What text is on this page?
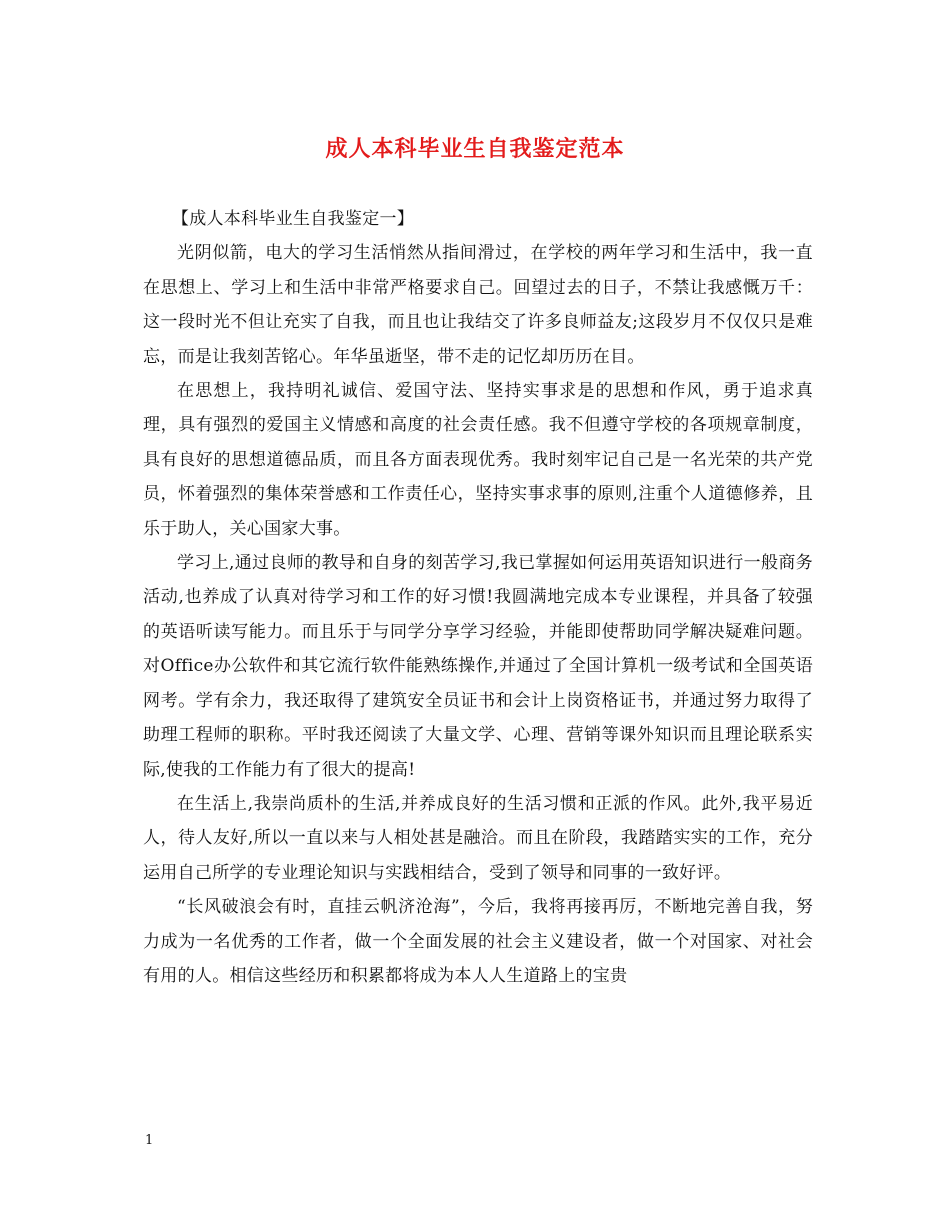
成人本科毕业生自我鉴定范本

【成人本科毕业生自我鉴定一】

光阴似箭，电大的学习生活悄然从指间滑过，在学校的两年学习和生活中，我一直在思想上、学习上和生活中非常严格要求自己。回望过去的日子，不禁让我感慨万千：这一段时光不但让充实了自我，而且也让我结交了许多良师益友;这段岁月不仅仅只是难忘，而是让我刻苦铭心。年华虽逝坚，带不走的记忆却历历在目。

在思想上，我持明礼诚信、爱国守法、坚持实事求是的思想和作风，勇于追求真理，具有强烈的爱国主义情感和高度的社会责任感。我不但遵守学校的各项规章制度，具有良好的思想道德品质，而且各方面表现优秀。我时刻牢记自己是一名光荣的共产党员，怀着强烈的集体荣誉感和工作责任心，坚持实事求事的原则,注重个人道德修养，且乐于助人，关心国家大事。

学习上,通过良师的教导和自身的刻苦学习,我已掌握如何运用英语知识进行一般商务活动,也养成了认真对待学习和工作的好习惯!我圆满地完成本专业课程，并具备了较强的英语听读写能力。而且乐于与同学分享学习经验，并能即使帮助同学解决疑难问题。对Office办公软件和其它流行软件能熟练操作,并通过了全国计算机一级考试和全国英语网考。学有余力，我还取得了建筑安全员证书和会计上岗资格证书，并通过努力取得了助理工程师的职称。平时我还阅读了大量文学、心理、营销等课外知识而且理论联系实际,使我的工作能力有了很大的提高!

在生活上,我崇尚质朴的生活,并养成良好的生活习惯和正派的作风。此外,我平易近人，待人友好,所以一直以来与人相处甚是融洽。而且在阶段，我踏踏实实的工作，充分运用自己所学的专业理论知识与实践相结合，受到了领导和同事的一致好评。

“长风破浪会有时，直挂云帆济沧海”，今后，我将再接再厉，不断地完善自我，努力成为一名优秀的工作者，做一个全面发展的社会主义建设者，做一个对国家、对社会有用的人。相信这些经历和积累都将成为本人人生道路上的宝贵

1
